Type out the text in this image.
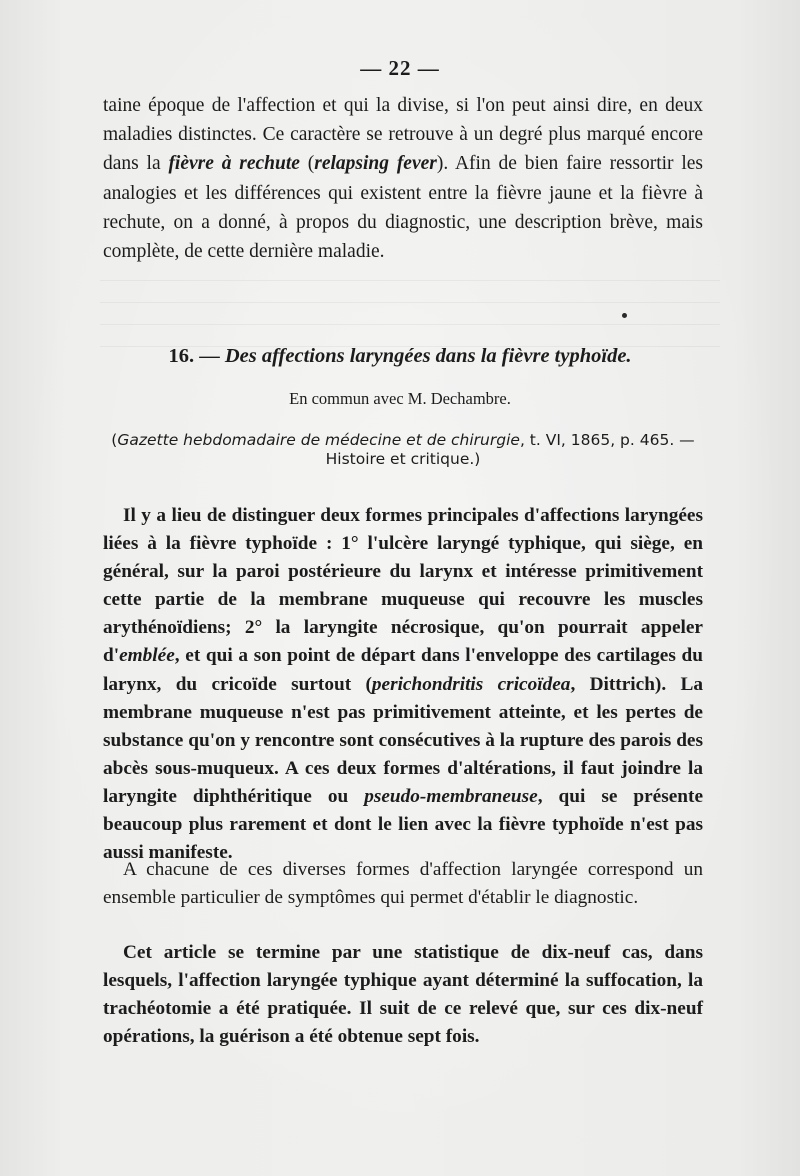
— 22 —

taine époque de l'affection et qui la divise, si l'on peut ainsi dire, en deux maladies distinctes. Ce caractère se retrouve à un degré plus marqué encore dans la fièvre à rechute (relapsing fever). Afin de bien faire ressortir les analogies et les différences qui existent entre la fièvre jaune et la fièvre à rechute, on a donné, à propos du diagnostic, une description brève, mais complète, de cette dernière maladie.

16. — Des affections laryngées dans la fièvre typhoïde.
En commun avec M. Dechambre.
(Gazette hebdomadaire de médecine et de chirurgie, t. VI, 1865, p. 465. — Histoire et critique.)

Il y a lieu de distinguer deux formes principales d'affections laryngées liées à la fièvre typhoïde : 1° l'ulcère laryngé typhique, qui siège, en général, sur la paroi postérieure du larynx et intéresse primitivement cette partie de la membrane muqueuse qui recouvre les muscles arythénoïdiens; 2° la laryngite nécrosique, qu'on pourrait appeler d'emblée, et qui a son point de départ dans l'enveloppe des cartilages du larynx, du cricoïde surtout (perichondritis cricoïdea, Dittrich). La membrane muqueuse n'est pas primitivement atteinte, et les pertes de substance qu'on y rencontre sont consécutives à la rupture des parois des abcès sous-muqueux. A ces deux formes d'altérations, il faut joindre la laryngite diphthéritique ou pseudo-membraneuse, qui se présente beaucoup plus rarement et dont le lien avec la fièvre typhoïde n'est pas aussi manifeste.

A chacune de ces diverses formes d'affection laryngée correspond un ensemble particulier de symptômes qui permet d'établir le diagnostic.

Cet article se termine par une statistique de dix-neuf cas, dans lesquels, l'affection laryngée typhique ayant déterminé la suffocation, la trachéotomie a été pratiquée. Il suit de ce relevé que, sur ces dix-neuf opérations, la guérison a été obtenue sept fois.
